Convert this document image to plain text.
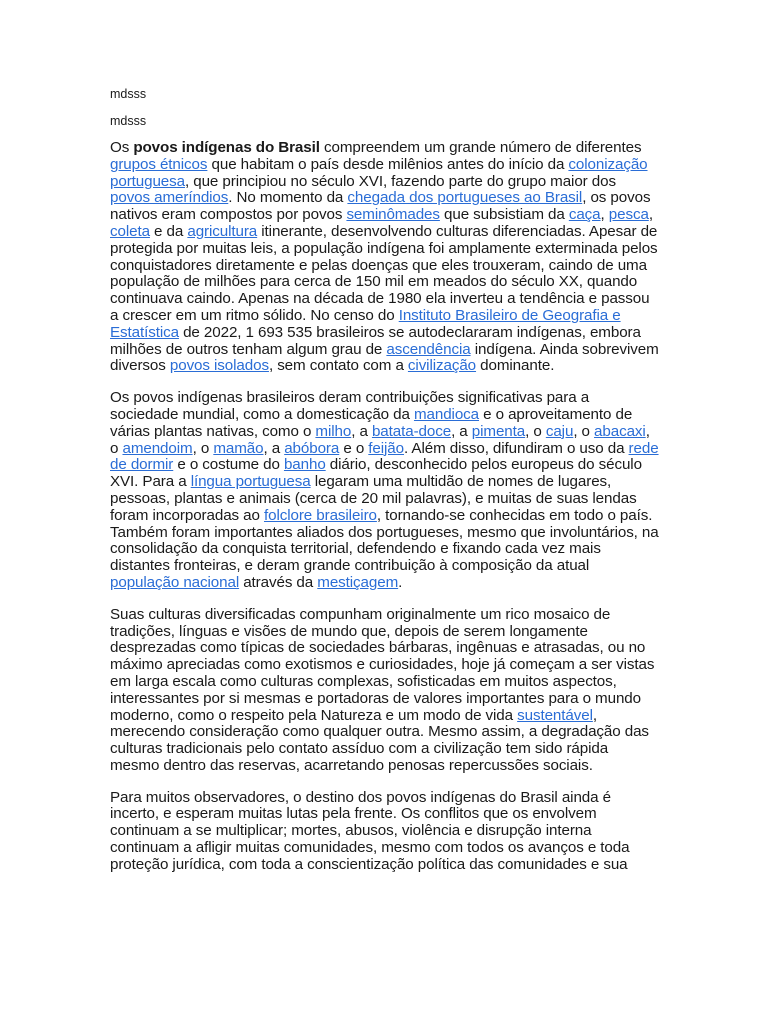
mdsss

mdsss

Os povos indígenas do Brasil compreendem um grande número de diferentes grupos étnicos que habitam o país desde milênios antes do início da colonização portuguesa, que principiou no século XVI, fazendo parte do grupo maior dos povos ameríndios. No momento da chegada dos portugueses ao Brasil, os povos nativos eram compostos por povos seminômades que subsistiam da caça, pesca, coleta e da agricultura itinerante, desenvolvendo culturas diferenciadas. Apesar de protegida por muitas leis, a população indígena foi amplamente exterminada pelos conquistadores diretamente e pelas doenças que eles trouxeram, caindo de uma população de milhões para cerca de 150 mil em meados do século XX, quando continuava caindo. Apenas na década de 1980 ela inverteu a tendência e passou a crescer em um ritmo sólido. No censo do Instituto Brasileiro de Geografia e Estatística de 2022, 1 693 535 brasileiros se autodeclararam indígenas, embora milhões de outros tenham algum grau de ascendência indígena. Ainda sobrevivem diversos povos isolados, sem contato com a civilização dominante.

Os povos indígenas brasileiros deram contribuições significativas para a sociedade mundial, como a domesticação da mandioca e o aproveitamento de várias plantas nativas, como o milho, a batata-doce, a pimenta, o caju, o abacaxi, o amendoim, o mamão, a abóbora e o feijão. Além disso, difundiram o uso da rede de dormir e o costume do banho diário, desconhecido pelos europeus do século XVI. Para a língua portuguesa legaram uma multidão de nomes de lugares, pessoas, plantas e animais (cerca de 20 mil palavras), e muitas de suas lendas foram incorporadas ao folclore brasileiro, tornando-se conhecidas em todo o país. Também foram importantes aliados dos portugueses, mesmo que involuntários, na consolidação da conquista territorial, defendendo e fixando cada vez mais distantes fronteiras, e deram grande contribuição à composição da atual população nacional através da mestiçagem.

Suas culturas diversificadas compunham originalmente um rico mosaico de tradições, línguas e visões de mundo que, depois de serem longamente desprezadas como típicas de sociedades bárbaras, ingênuas e atrasadas, ou no máximo apreciadas como exotismos e curiosidades, hoje já começam a ser vistas em larga escala como culturas complexas, sofisticadas em muitos aspectos, interessantes por si mesmas e portadoras de valores importantes para o mundo moderno, como o respeito pela Natureza e um modo de vida sustentável, merecendo consideração como qualquer outra. Mesmo assim, a degradação das culturas tradicionais pelo contato assíduo com a civilização tem sido rápida mesmo dentro das reservas, acarretando penosas repercussões sociais.

Para muitos observadores, o destino dos povos indígenas do Brasil ainda é incerto, e esperam muitas lutas pela frente. Os conflitos que os envolvem continuam a se multiplicar; mortes, abusos, violência e disrupção interna continuam a afligir muitas comunidades, mesmo com todos os avanços e toda proteção jurídica, com toda a conscientização política das comunidades e sua
